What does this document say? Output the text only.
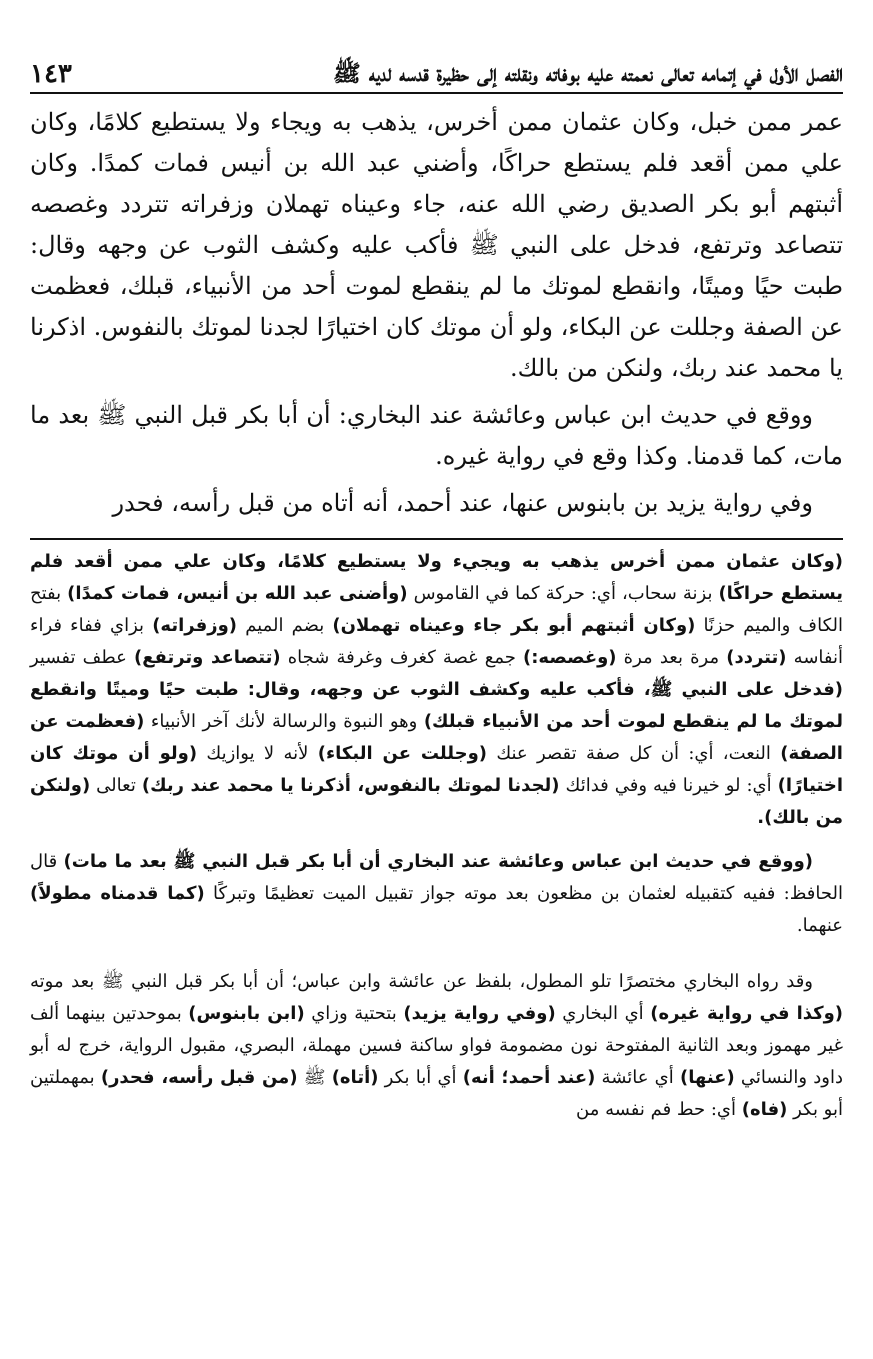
الفصل الأول في إتمامه تعالى نعمته عليه بوفاته ونقلته إلى حظيرة قدسه لديه ﷺ
١٤٣

عمر ممن خبل، وكان عثمان ممن أخرس، يذهب به ويجاء ولا يستطيع كلامًا، وكان علي ممن أقعد فلم يستطع حراكًا، وأضني عبد الله بن أنيس فمات كمدًا. وكان أثبتهم أبو بكر الصديق رضي الله عنه، جاء وعيناه تهملان وزفراته تتردد وغصصه تتصاعد وترتفع، فدخل على النبي ﷺ فأكب عليه وكشف الثوب عن وجهه وقال: طبت حيًا وميتًا، وانقطع لموتك ما لم ينقطع لموت أحد من الأنبياء، قبلك، فعظمت عن الصفة وجللت عن البكاء، ولو أن موتك كان اختيارًا لجدنا لموتك بالنفوس. اذكرنا يا محمد عند ربك، ولنكن من بالك.

ووقع في حديث ابن عباس وعائشة عند البخاري: أن أبا بكر قبل النبي ﷺ بعد ما مات، كما قدمنا. وكذا وقع في رواية غيره.

وفي رواية يزيد بن بابنوس عنها، عند أحمد، أنه أتاه من قبل رأسه، فحدر

(وكان عثمان ممن أخرس يذهب به ويجيء ولا يستطيع كلامًا، وكان علي ممن أقعد فلم يستطع حراكًا) بزنة سحاب، أي: حركة كما في القاموس (وأضنى عبد الله بن أنيس، فمات كمدًا) بفتح الكاف والميم حزنًا (وكان أثبتهم أبو بكر جاء وعيناه تهملان) بضم الميم (وزفراته) بزاي ففاء فراء أنفاسه (تتردد) مرة بعد مرة (وغصصه:) جمع غصة كغرف وغرفة شجاه (تتصاعد وترتفع) عطف تفسير (فدخل على النبي ﷺ، فأكب عليه وكشف الثوب عن وجهه، وقال: طبت حيًا وميتًا وانقطع لموتك ما لم ينقطع لموت أحد من الأنبياء قبلك) وهو النبوة والرسالة لأنك آخر الأنبياء (فعظمت عن الصفة) النعت، أي: أن كل صفة تقصر عنك (وجللت عن البكاء) لأنه لا يوازيك (ولو أن موتك كان اختيارًا) أي: لو خيرنا فيه وفي فدائك (لجدنا لموتك بالنفوس، أذكرنا يا محمد عند ربك) تعالى (ولنكن من بالك).

(ووقع في حديث ابن عباس وعائشة عند البخاري أن أبا بكر قبل النبي ﷺ بعد ما مات) قال الحافظ: ففيه كتقبيله لعثمان بن مظعون بعد موته جواز تقبيل الميت تعظيمًا وتبركًا (كما قدمناه مطولاً) عنهما.

وقد رواه البخاري مختصرًا تلو المطول، بلفظ عن عائشة وابن عباس؛ أن أبا بكر قبل النبي ﷺ بعد موته (وكذا في رواية غيره) أي البخاري (وفي رواية يزيد) بتحتية وزاي (ابن بابنوس) بموحدتين بينهما ألف غير مهموز وبعد الثانية المفتوحة نون مضمومة فواو ساكنة فسين مهملة، البصري، مقبول الرواية، خرج له أبو داود والنسائي (عنها) أي عائشة (عند أحمد؛ أنه) أي أبا بكر (أتاه) ﷺ (من قبل رأسه، فحدر) بمهملتين أبو بكر (فاه) أي: حط فم نفسه من
